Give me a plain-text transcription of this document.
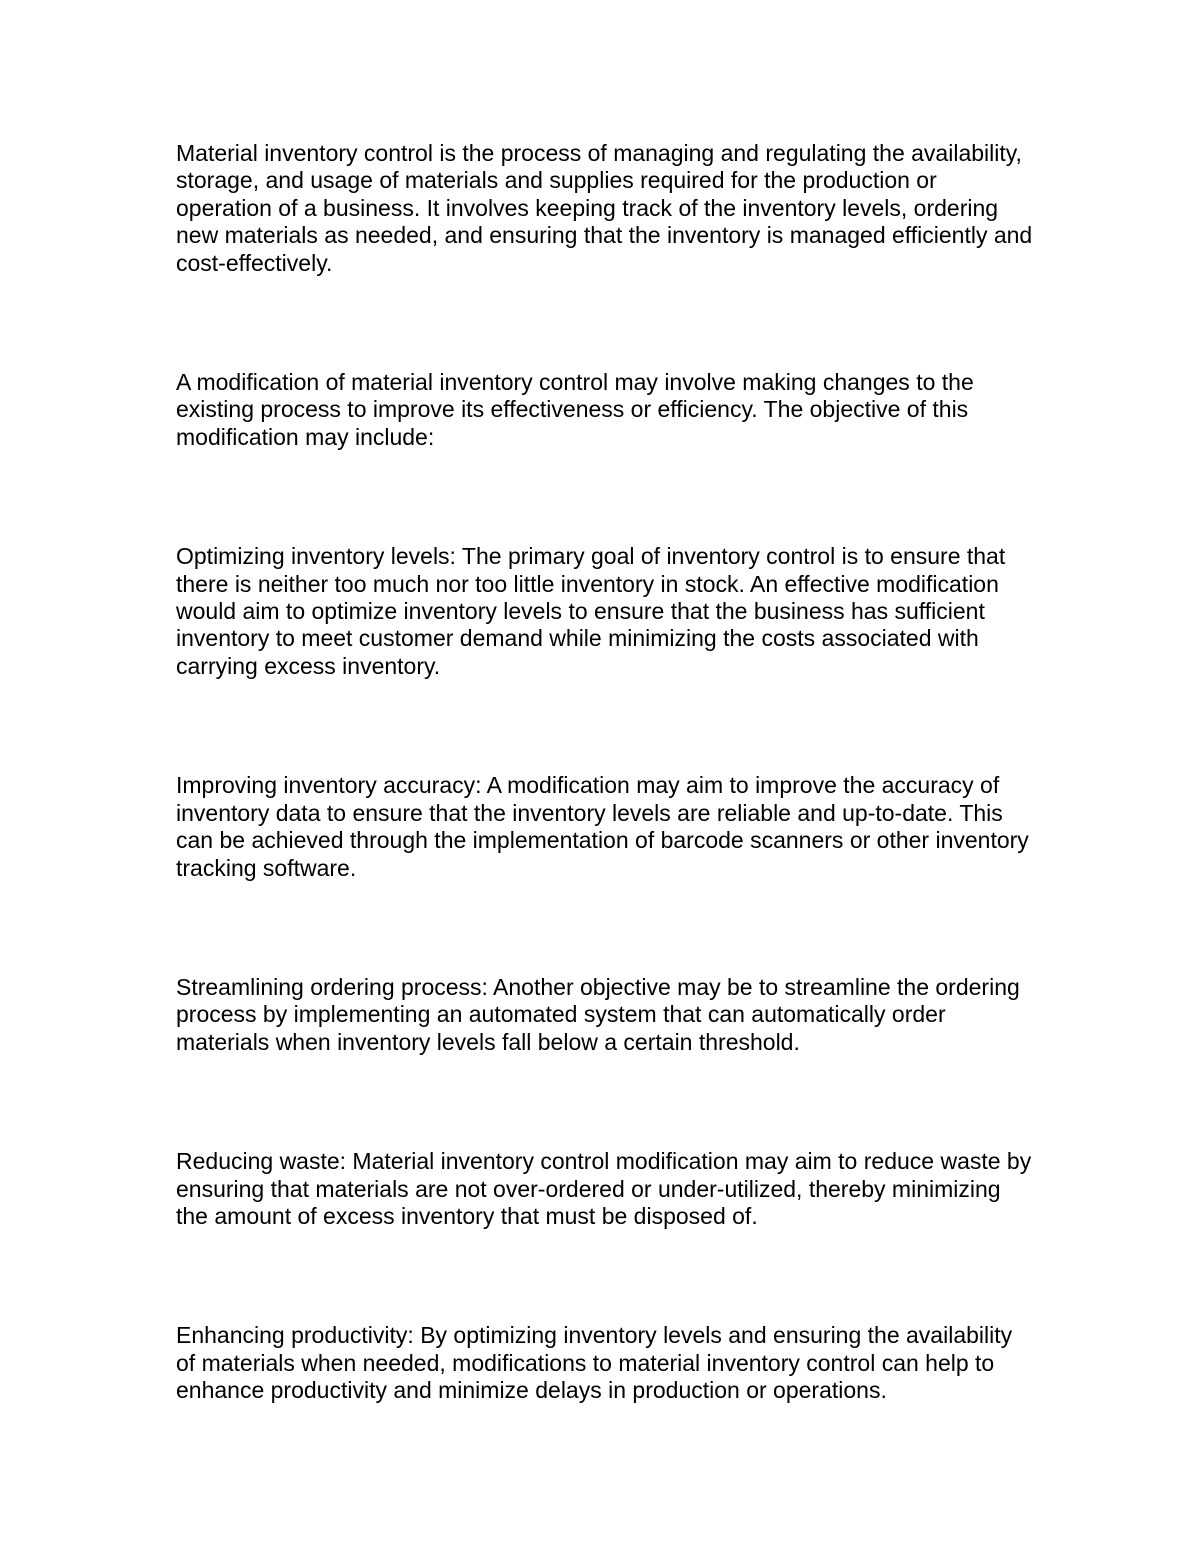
Material inventory control is the process of managing and regulating the availability, storage, and usage of materials and supplies required for the production or operation of a business. It involves keeping track of the inventory levels, ordering new materials as needed, and ensuring that the inventory is managed efficiently and cost-effectively.

A modification of material inventory control may involve making changes to the existing process to improve its effectiveness or efficiency. The objective of this modification may include:

Optimizing inventory levels: The primary goal of inventory control is to ensure that there is neither too much nor too little inventory in stock. An effective modification would aim to optimize inventory levels to ensure that the business has sufficient inventory to meet customer demand while minimizing the costs associated with carrying excess inventory.

Improving inventory accuracy: A modification may aim to improve the accuracy of inventory data to ensure that the inventory levels are reliable and up-to-date. This can be achieved through the implementation of barcode scanners or other inventory tracking software.

Streamlining ordering process: Another objective may be to streamline the ordering process by implementing an automated system that can automatically order materials when inventory levels fall below a certain threshold.

Reducing waste: Material inventory control modification may aim to reduce waste by ensuring that materials are not over-ordered or under-utilized, thereby minimizing the amount of excess inventory that must be disposed of.

Enhancing productivity: By optimizing inventory levels and ensuring the availability of materials when needed, modifications to material inventory control can help to enhance productivity and minimize delays in production or operations.
